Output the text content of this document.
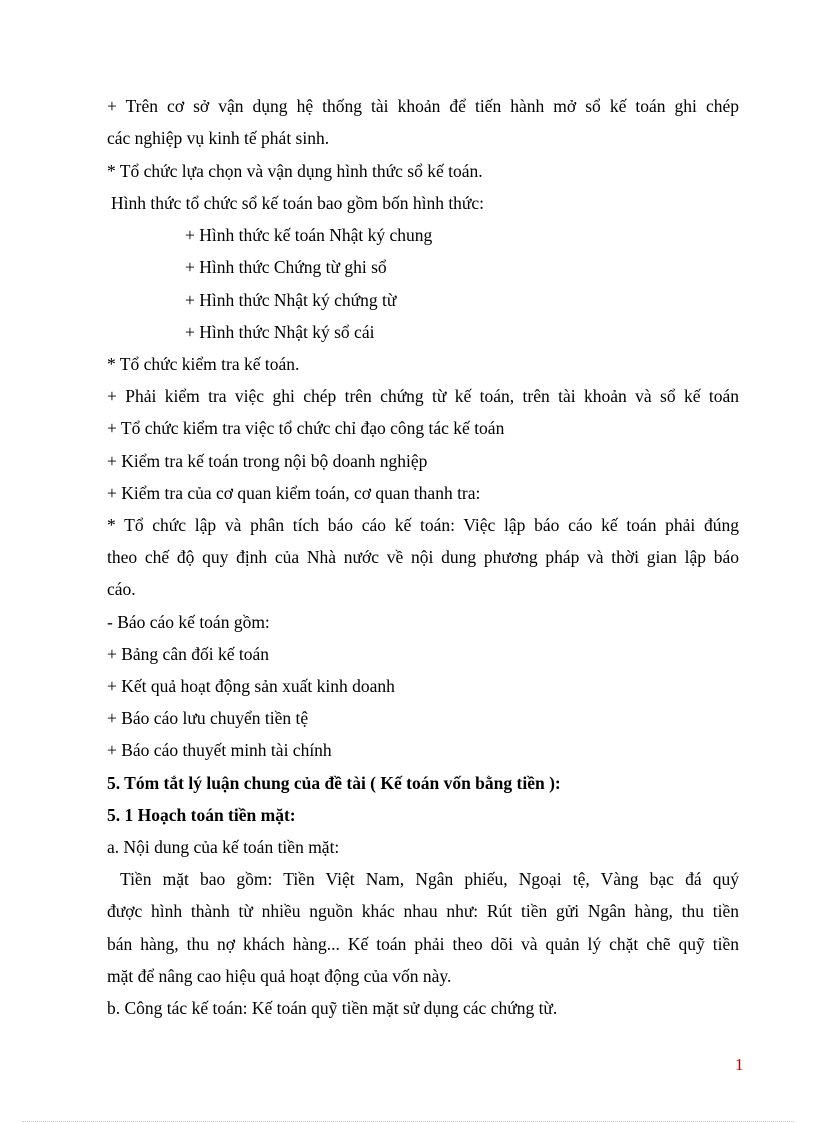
+ Trên cơ sở vận dụng hệ thống tài khoản để tiến hành mở sổ kế toán ghi chép
các nghiệp vụ kinh tế phát sinh.
* Tổ chức lựa chọn và vận dụng hình thức sổ kế toán.
Hình thức tổ chức sổ kế toán bao gồm bốn hình thức:
+ Hình thức kế toán Nhật ký chung
+ Hình thức Chứng từ ghi sổ
+ Hình thức Nhật ký chứng từ
+ Hình thức Nhật ký sổ cái
* Tổ chức kiểm tra kế toán.
+ Phải kiểm tra việc ghi chép trên chứng từ kế toán, trên tài khoản và sổ kế toán
+ Tổ chức kiểm tra việc tổ chức chỉ đạo công tác kế toán
+ Kiểm tra kế toán trong nội bộ doanh nghiệp
+ Kiểm tra của cơ quan kiểm toán, cơ quan thanh tra:
* Tổ chức lập và phân tích báo cáo kế toán: Việc lập báo cáo kế toán phải đúng
theo chế độ quy định của Nhà nước về nội dung phương pháp và thời gian lập báo
cáo.
- Báo cáo kế toán gồm:
+ Bảng cân đối kế toán
+ Kết quả hoạt động sản xuất kinh doanh
+ Báo cáo lưu chuyển tiền tệ
+ Báo cáo thuyết minh tài chính
5. Tóm tắt lý luận chung của đề tài ( Kế toán vốn bằng tiền ):
5. 1 Hoạch toán tiền mặt:
a. Nội dung của kế toán tiền mặt:
Tiền mặt bao gồm: Tiền Việt Nam, Ngân phiếu, Ngoại tệ, Vàng bạc đá quý
được hình thành từ nhiều nguồn khác nhau như: Rút tiền gửi Ngân hàng, thu tiền
bán hàng, thu nợ khách hàng... Kế toán phải theo dõi và quản lý chặt chẽ quỹ tiền
mặt để nâng cao hiệu quả hoạt động của vốn này.
b. Công tác kế toán: Kế toán quỹ tiền mặt sử dụng các chứng từ.
1
